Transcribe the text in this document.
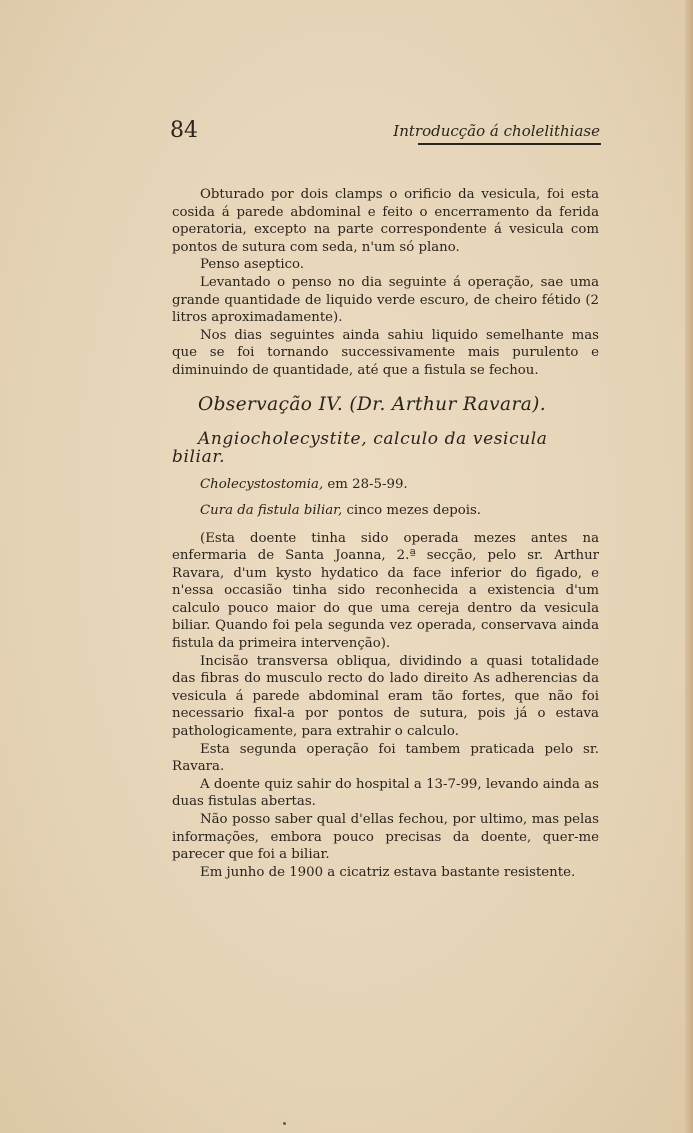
84	Introducção á cholelithiase

Obturado por dois clamps o orificio da vesicula, foi esta cosida á parede abdominal e feito o encerramento da ferida operatoria, excepto na parte correspondente á vesicula com pontos de sutura com seda, n'um só plano.

Penso aseptico.

Levantado o penso no dia seguinte á operação, sae uma grande quantidade de liquido verde escuro, de cheiro fétido (2 litros aproximadamente).

Nos dias seguintes ainda sahiu liquido semelhante mas que se foi tornando successivamente mais purulento e diminuindo de quantidade, até que a fistula se fechou.

Observação IV. (Dr. Arthur Ravara).

Angiocholecystite, calculo da vesicula biliar.

Cholecystostomia, em 28-5-99.

Cura da fistula biliar, cinco mezes depois.

(Esta doente tinha sido operada mezes antes na enfermaria de Santa Joanna, 2.ª secção, pelo sr. Arthur Ravara, d'um kysto hydatico da face inferior do figado, e n'essa occasião tinha sido reconhecida a existencia d'um calculo pouco maior do que uma cereja dentro da vesicula biliar. Quando foi pela segunda vez operada, conservava ainda fistula da primeira intervenção).

Incisão transversa obliqua, dividindo a quasi totalidade das fibras do musculo recto do lado direito As adherencias da vesicula á parede abdominal eram tão fortes, que não foi necessario fixal-a por pontos de sutura, pois já o estava pathologicamente, para extrahir o calculo.

Esta segunda operação foi tambem praticada pelo sr. Ravara.

A doente quiz sahir do hospital a 13-7-99, levando ainda as duas fistulas abertas.

Não posso saber qual d'ellas fechou, por ultimo, mas pelas informações, embora pouco precisas da doente, quer-me parecer que foi a biliar.

Em junho de 1900 a cicatriz estava bastante resistente.
